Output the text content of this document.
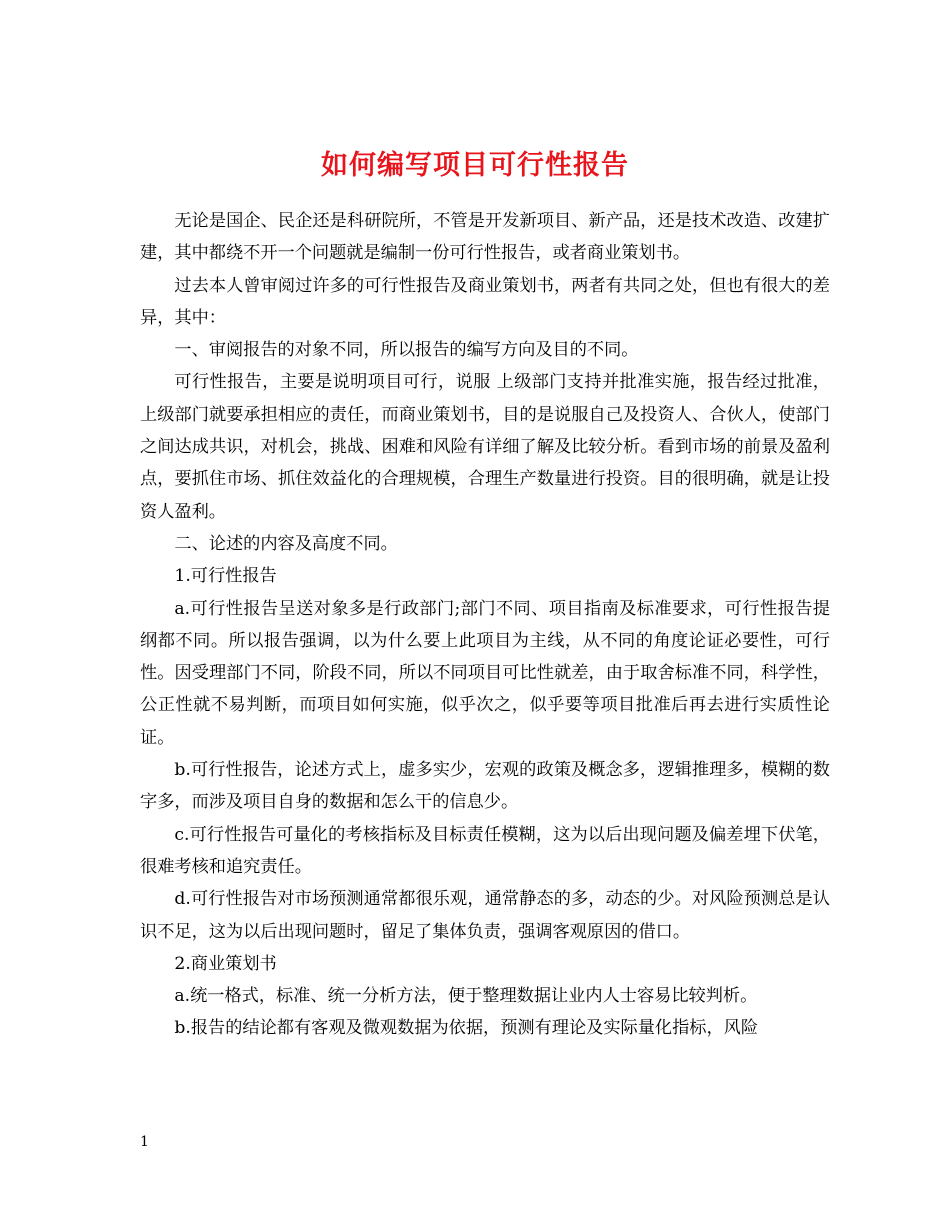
如何编写项目可行性报告

无论是国企、民企还是科研院所，不管是开发新项目、新产品，还是技术改造、改建扩建，其中都绕不开一个问题就是编制一份可行性报告，或者商业策划书。

过去本人曾审阅过许多的可行性报告及商业策划书，两者有共同之处，但也有很大的差异，其中：

一、审阅报告的对象不同，所以报告的编写方向及目的不同。

可行性报告，主要是说明项目可行，说服 上级部门支持并批准实施，报告经过批准，上级部门就要承担相应的责任，而商业策划书，目的是说服自己及投资人、合伙人，使部门之间达成共识，对机会，挑战、困难和风险有详细了解及比较分析。看到市场的前景及盈利点，要抓住市场、抓住效益化的合理规模，合理生产数量进行投资。目的很明确，就是让投资人盈利。

二、论述的内容及高度不同。

1.可行性报告

a.可行性报告呈送对象多是行政部门;部门不同、项目指南及标准要求，可行性报告提纲都不同。所以报告强调，以为什么要上此项目为主线，从不同的角度论证必要性，可行性。因受理部门不同，阶段不同，所以不同项目可比性就差，由于取舍标准不同，科学性，公正性就不易判断，而项目如何实施，似乎次之，似乎要等项目批准后再去进行实质性论证。

b.可行性报告，论述方式上，虚多实少，宏观的政策及概念多，逻辑推理多，模糊的数字多，而涉及项目自身的数据和怎么干的信息少。

c.可行性报告可量化的考核指标及目标责任模糊，这为以后出现问题及偏差埋下伏笔，很难考核和追究责任。

d.可行性报告对市场预测通常都很乐观，通常静态的多，动态的少。对风险预测总是认识不足，这为以后出现问题时，留足了集体负责，强调客观原因的借口。

2.商业策划书

a.统一格式，标准、统一分析方法，便于整理数据让业内人士容易比较判析。

b.报告的结论都有客观及微观数据为依据，预测有理论及实际量化指标，风险

1
